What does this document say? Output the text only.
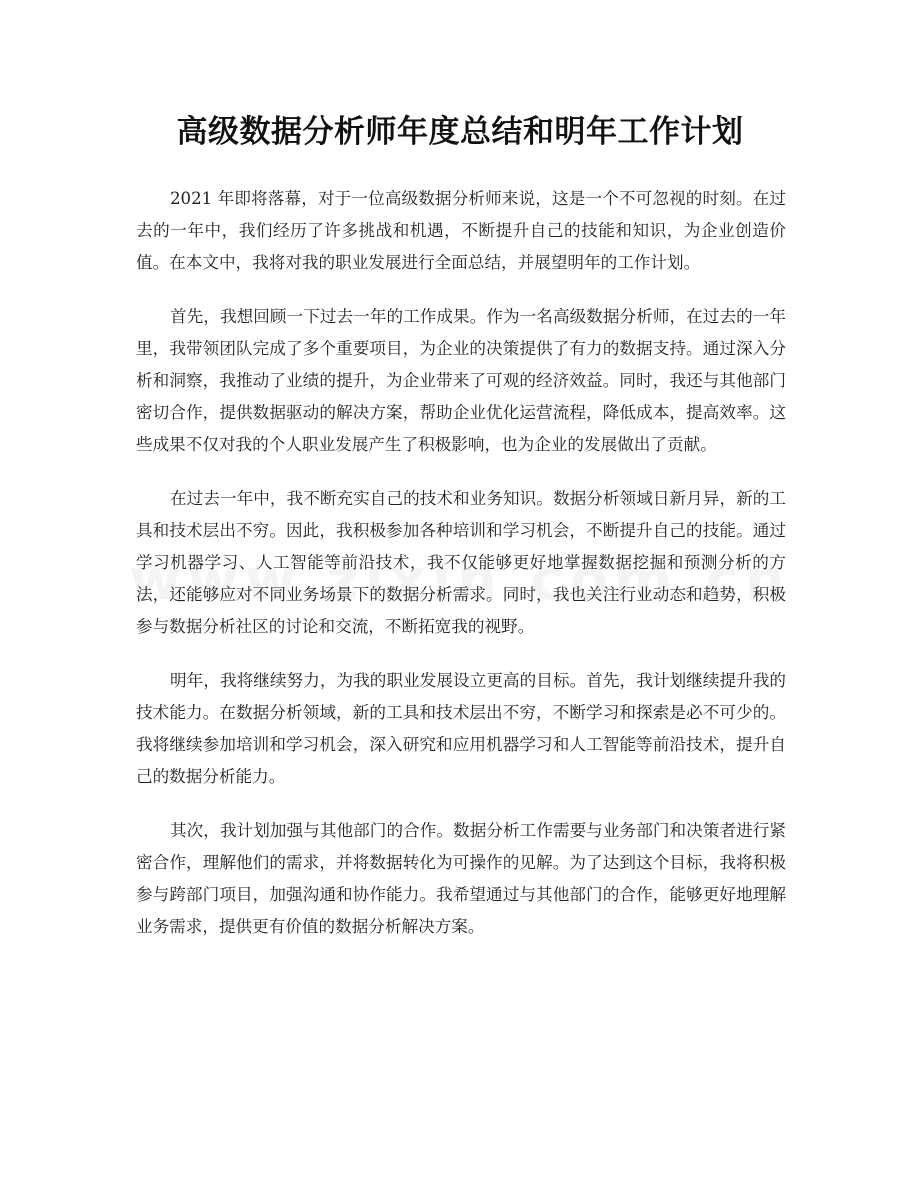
高级数据分析师年度总结和明年工作计划

2021 年即将落幕，对于一位高级数据分析师来说，这是一个不可忽视的时刻。在过去的一年中，我们经历了许多挑战和机遇，不断提升自己的技能和知识，为企业创造价值。在本文中，我将对我的职业发展进行全面总结，并展望明年的工作计划。

首先，我想回顾一下过去一年的工作成果。作为一名高级数据分析师，在过去的一年里，我带领团队完成了多个重要项目，为企业的决策提供了有力的数据支持。通过深入分析和洞察，我推动了业绩的提升，为企业带来了可观的经济效益。同时，我还与其他部门密切合作，提供数据驱动的解决方案，帮助企业优化运营流程，降低成本，提高效率。这些成果不仅对我的个人职业发展产生了积极影响，也为企业的发展做出了贡献。

在过去一年中，我不断充实自己的技术和业务知识。数据分析领域日新月异，新的工具和技术层出不穷。因此，我积极参加各种培训和学习机会，不断提升自己的技能。通过学习机器学习、人工智能等前沿技术，我不仅能够更好地掌握数据挖掘和预测分析的方法，还能够应对不同业务场景下的数据分析需求。同时，我也关注行业动态和趋势，积极参与数据分析社区的讨论和交流，不断拓宽我的视野。

明年，我将继续努力，为我的职业发展设立更高的目标。首先，我计划继续提升我的技术能力。在数据分析领域，新的工具和技术层出不穷，不断学习和探索是必不可少的。我将继续参加培训和学习机会，深入研究和应用机器学习和人工智能等前沿技术，提升自己的数据分析能力。

其次，我计划加强与其他部门的合作。数据分析工作需要与业务部门和决策者进行紧密合作，理解他们的需求，并将数据转化为可操作的见解。为了达到这个目标，我将积极参与跨部门项目，加强沟通和协作能力。我希望通过与其他部门的合作，能够更好地理解业务需求，提供更有价值的数据分析解决方案。
